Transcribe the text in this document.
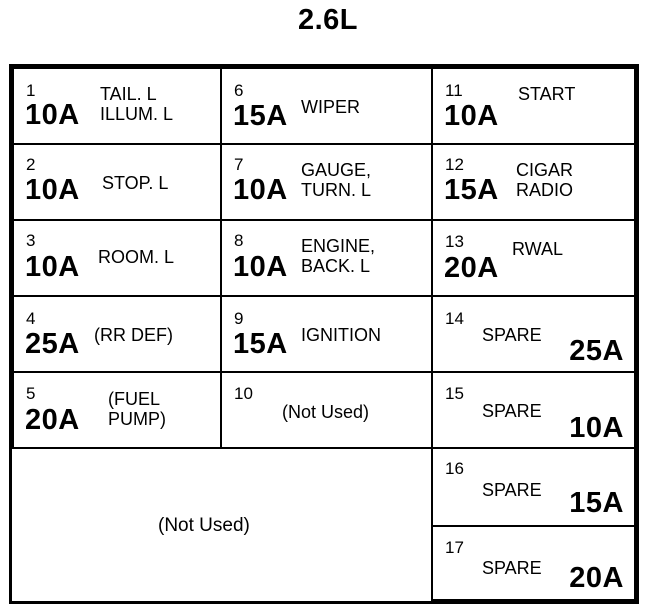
2.6L
1
10A
TAIL. L
ILLUM. L
2
10A STOP. L
3
10A ROOM. L
4
25A (RR DEF)
5
20A
(FUEL
PUMP)
6
15A WIPER
7
10A
GAUGE,
TURN. L
8
10A
ENGINE,
BACK. L
9
15A IGNITION
10
(Not Used)
11
10A
START
12
15A
CIGAR
RADIO
13
20A
RWAL
14
SPARE 25A
15
SPARE
10A
16
SPARE 15A
17
SPARE 20A
(Not Used)
